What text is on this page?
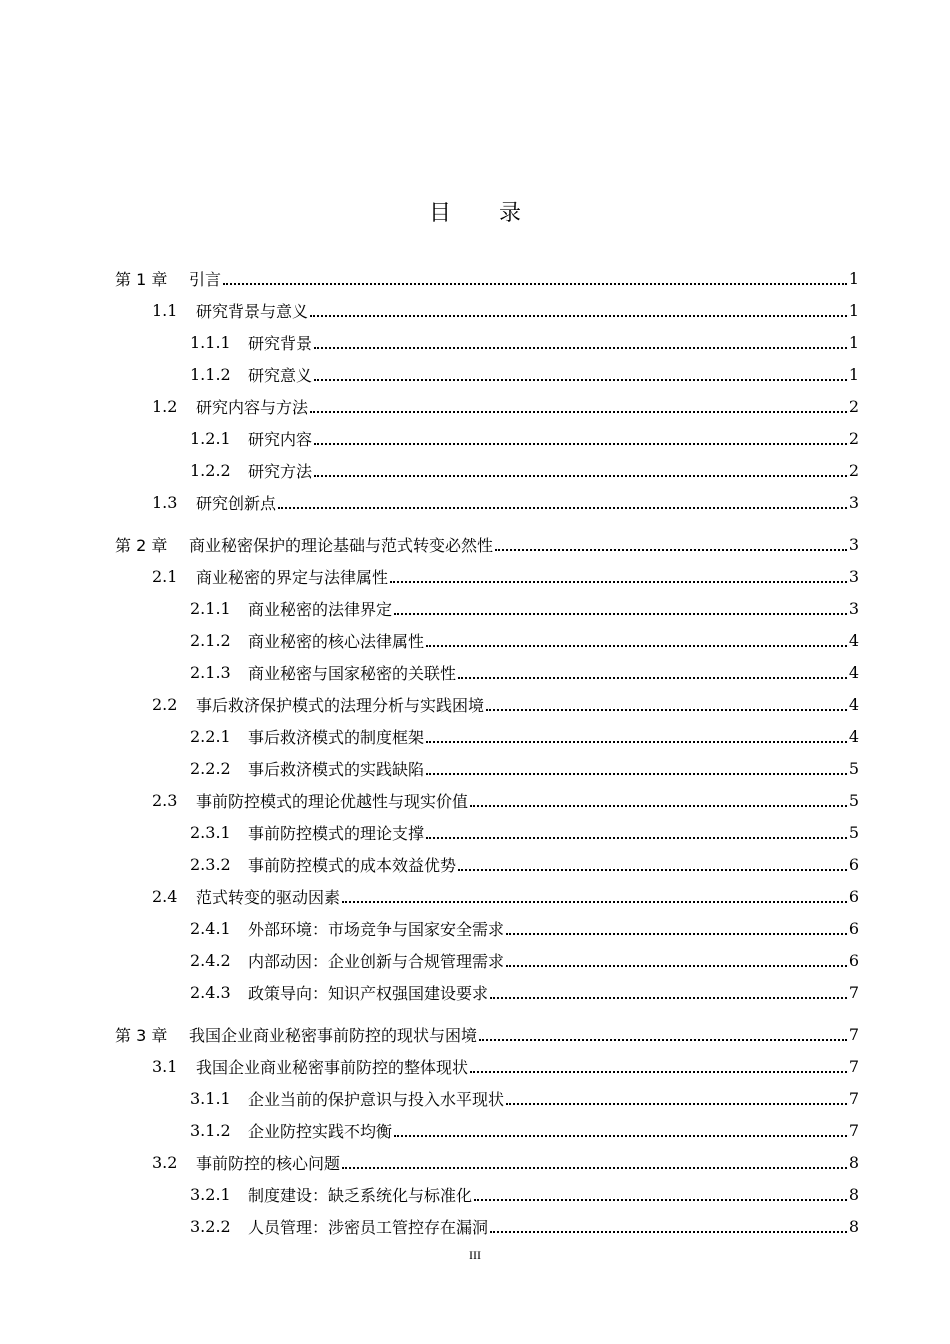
目录
第 1 章	引言	1
1.1	研究背景与意义	1
1.1.1	研究背景	1
1.1.2	研究意义	1
1.2	研究内容与方法	2
1.2.1	研究内容	2
1.2.2	研究方法	2
1.3	研究创新点	3
第 2 章	商业秘密保护的理论基础与范式转变必然性	3
2.1	商业秘密的界定与法律属性	3
2.1.1	商业秘密的法律界定	3
2.1.2	商业秘密的核心法律属性	4
2.1.3	商业秘密与国家秘密的关联性	4
2.2	事后救济保护模式的法理分析与实践困境	4
2.2.1	事后救济模式的制度框架	4
2.2.2	事后救济模式的实践缺陷	5
2.3	事前防控模式的理论优越性与现实价值	5
2.3.1	事前防控模式的理论支撑	5
2.3.2	事前防控模式的成本效益优势	6
2.4	范式转变的驱动因素	6
2.4.1	外部环境：市场竞争与国家安全需求	6
2.4.2	内部动因：企业创新与合规管理需求	6
2.4.3	政策导向：知识产权强国建设要求	7
第 3 章	我国企业商业秘密事前防控的现状与困境	7
3.1	我国企业商业秘密事前防控的整体现状	7
3.1.1	企业当前的保护意识与投入水平现状	7
3.1.2	企业防控实践不均衡	7
3.2	事前防控的核心问题	8
3.2.1	制度建设：缺乏系统化与标准化	8
3.2.2	人员管理：涉密员工管控存在漏洞	8
III
